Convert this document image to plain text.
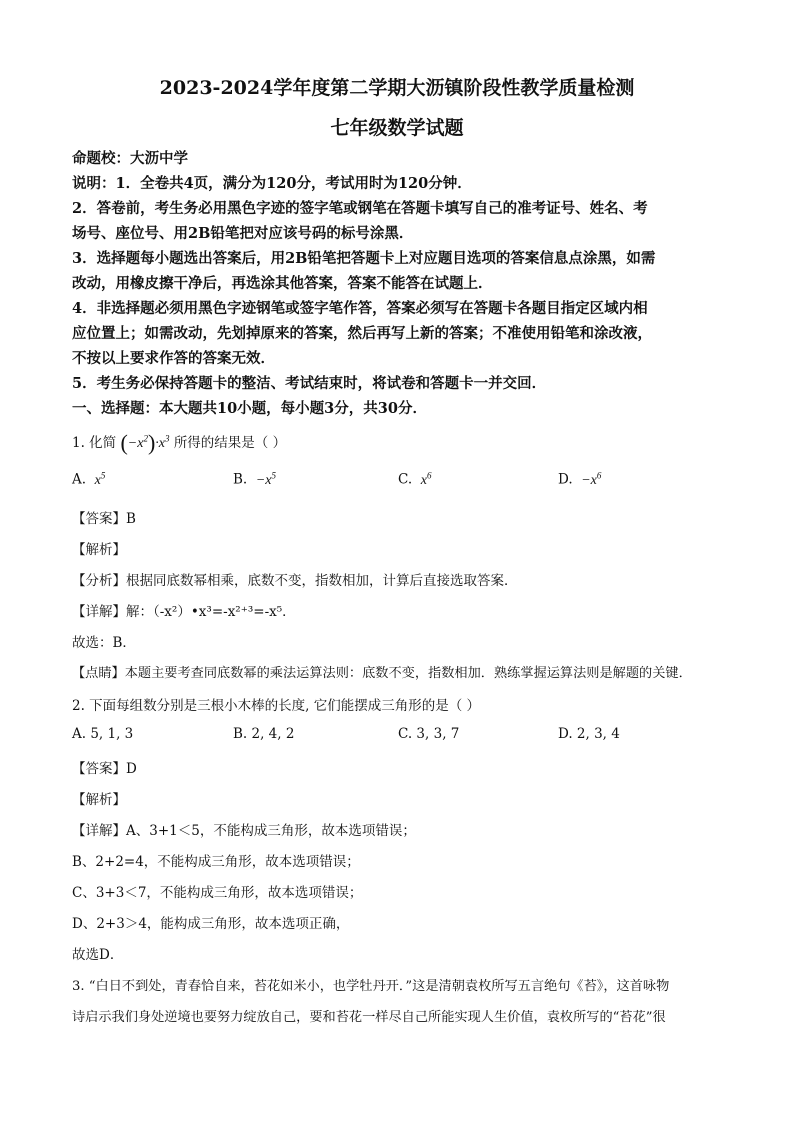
2023-2024学年度第二学期大沥镇阶段性教学质量检测
七年级数学试题
命题校：大沥中学
说明：1．全卷共4页，满分为120分，考试用时为120分钟．
2．答卷前，考生务必用黑色字迹的签字笔或钢笔在答题卡填写自己的准考证号、姓名、考
场号、座位号、用2B铅笔把对应该号码的标号涂黑．
3．选择题每小题选出答案后，用2B铅笔把答题卡上对应题目选项的答案信息点涂黑，如需
改动，用橡皮擦干净后，再选涂其他答案，答案不能答在试题上．
4．非选择题必须用黑色字迹钢笔或签字笔作答，答案必须写在答题卡各题目指定区域内相
应位置上；如需改动，先划掉原来的答案，然后再写上新的答案；不准使用铅笔和涂改液，
不按以上要求作答的答案无效．
5．考生务必保持答题卡的整洁、考试结束时，将试卷和答题卡一并交回．
一、选择题：本大题共10小题，每小题3分，共30分．
1. 化简 $(-x^2)\cdot x^3$ 所得的结果是（ ）
A. $x^5$	B. $-x^5$	C. $x^6$	D. $-x^6$
【答案】B
【解析】
【分析】根据同底数幂相乘，底数不变，指数相加，计算后直接选取答案．
【详解】解：（-x²）•x³=-x²⁺³=-x⁵．
故选：B．
【点睛】本题主要考查同底数幂的乘法运算法则：底数不变，指数相加．熟练掌握运算法则是解题的关键．
2. 下面每组数分别是三根小木棒的长度, 它们能摆成三角形的是（ ）
A. 5, 1, 3	B. 2, 4, 2	C. 3, 3, 7	D. 2, 3, 4
【答案】D
【解析】
【详解】A、3+1＜5，不能构成三角形，故本选项错误；
B、2+2=4，不能构成三角形，故本选项错误；
C、3+3＜7，不能构成三角形，故本选项错误；
D、2+3＞4，能构成三角形，故本选项正确，
故选D．
3. “白日不到处，青春恰自来，苔花如米小，也学牡丹开．”这是清朝袁枚所写五言绝句《苔》，这首咏物
诗启示我们身处逆境也要努力绽放自己，要和苔花一样尽自己所能实现人生价值，袁枚所写的“苔花”很
